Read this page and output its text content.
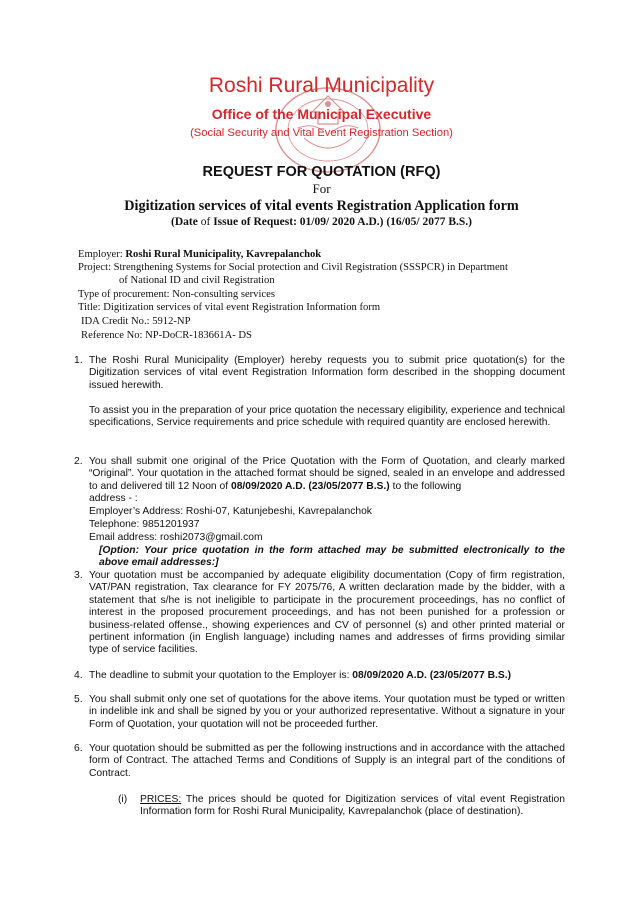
Roshi Rural Municipality
Office of the Municipal Executive
(Social Security and Vital Event Registration Section)
REQUEST FOR QUOTATION (RFQ)
For
Digitization services of vital events Registration Application form
(Date of Issue of Request: 01/09/ 2020 A.D.) (16/05/ 2077 B.S.)
Employer: Roshi Rural Municipality, Kavrepalanchok
Project: Strengthening Systems for Social protection and Civil Registration (SSSPCR) in Department
of National ID and civil Registration
Type of procurement: Non-consulting services
Title: Digitization services of vital event Registration Information form
IDA Credit No.: 5912-NP
Reference No: NP-DoCR-183661A- DS
1. The Roshi Rural Municipality (Employer) hereby requests you to submit price quotation(s) for the Digitization services of vital event Registration Information form described in the shopping document issued herewith.
To assist you in the preparation of your price quotation the necessary eligibility, experience and technical specifications, Service requirements and price schedule with required quantity are enclosed herewith.
2. You shall submit one original of the Price Quotation with the Form of Quotation, and clearly marked “Original”. Your quotation in the attached format should be signed, sealed in an envelope and addressed to and delivered till 12 Noon of 08/09/2020 A.D. (23/05/2077 B.S.) to the following
address - :
Employer’s Address: Roshi-07, Katunjebeshi, Kavrepalanchok
Telephone: 9851201937
Email address: roshi2073@gmail.com
[Option: Your price quotation in the form attached may be submitted electronically to the above email addresses:]
3. Your quotation must be accompanied by adequate eligibility documentation (Copy of firm registration, VAT/PAN registration, Tax clearance for FY 2075/76, A written declaration made by the bidder, with a statement that s/he is not ineligible to participate in the procurement proceedings, has no conflict of interest in the proposed procurement proceedings, and has not been punished for a profession or business-related offense., showing experiences and CV of personnel (s) and other printed material or pertinent information (in English language) including names and addresses of firms providing similar type of service facilities.
4. The deadline to submit your quotation to the Employer is: 08/09/2020 A.D. (23/05/2077 B.S.)
5. You shall submit only one set of quotations for the above items. Your quotation must be typed or written in indelible ink and shall be signed by you or your authorized representative. Without a signature in your Form of Quotation, your quotation will not be proceeded further.
6. Your quotation should be submitted as per the following instructions and in accordance with the attached form of Contract. The attached Terms and Conditions of Supply is an integral part of the conditions of Contract.
(i) PRICES: The prices should be quoted for Digitization services of vital event Registration Information form for Roshi Rural Municipality, Kavrepalanchok (place of destination).
